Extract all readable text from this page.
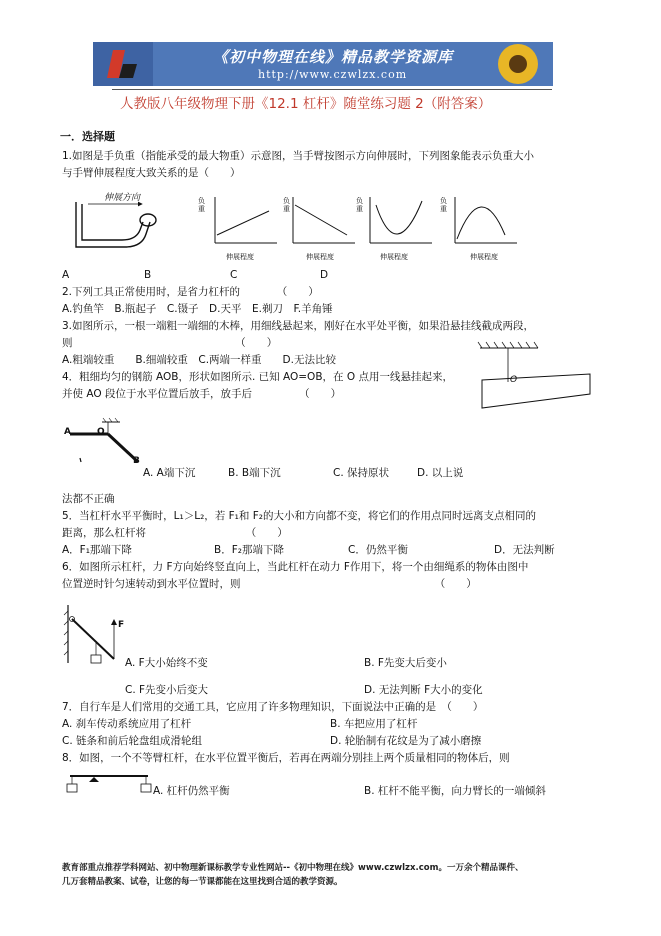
《初中物理在线》精品教学资源库
http://www.czwlzx.com
人教版八年级物理下册《12.1 杠杆》随堂练习题 2（附答案）
一．选择题
1.如图是手负重（指能承受的最大物重）示意图，当手臂按图示方向伸展时，下列图象能表示负重大小
与手臂伸展程度大致关系的是（　　）
伸展方向	负重
伸展程度
负重
伸展程度
负重
伸展程度
负重
伸展程度
A	B	C	D
2.下列工具正常使用时，是省力杠杆的　　　　（　　）
A.钓鱼竿　B.瓶起子　C.镊子　D.天平　E.剃刀　F.羊角锤
3.如图所示，一根一端粗一端细的木棒，用细线悬起来，刚好在水平处平衡，如果沿悬挂线截成两段，
则　　　　　　　　　　　　　　　　（　　）
A.粗端较重　　B.细端较重　C.两端一样重　　D.无法比较
O
4．粗细均匀的钢筋 AOB，形状如图所示. 已知 AO=OB，在 O 点用一线悬挂起来，
并使 AO 段位于水平位置后放手，放手后　　　　　（　　）
A	O
B
A. A端下沉	B. B端下沉	C. 保持原状	D. 以上说
法都不正确
5．当杠杆水平平衡时，L₁＞L₂，若 F₁和 F₂的大小和方向都不变，将它们的作用点同时远离支点相同的
距离，那么杠杆将　　　　　　　　　　（　　）
A．F₁那端下降	B．F₂那端下降	C．仍然平衡	D．无法判断
6．如图所示杠杆，力 F方向始终竖直向上，当此杠杆在动力 F作用下，将一个由细绳系的物体由图中
位置逆时针匀速转动到水平位置时，则　　　　　　　　　　　　　　　　　　　（　　）
F
A. F大小始终不变	B. F先变大后变小
C. F先变小后变大	D. 无法判断 F大小的变化
7．自行车是人们常用的交通工具，它应用了许多物理知识，下面说法中正确的是　（　　）
A. 刹车传动系统应用了杠杆	B. 车把应用了杠杆
C. 链条和前后轮盘组成滑轮组	D. 轮胎制有花纹是为了减小磨擦
8．如图，一个不等臂杠杆，在水平位置平衡后，若再在两端分别挂上两个质量相同的物体后，则
A. 杠杆仍然平衡	B. 杠杆不能平衡，向力臂长的一端倾斜
教育部重点推荐学科网站、初中物理新课标教学专业性网站--《初中物理在线》www.czwlzx.com。一万余个精品课件、
几万套精品教案、试卷，让您的每一节课都能在这里找到合适的教学资源。
